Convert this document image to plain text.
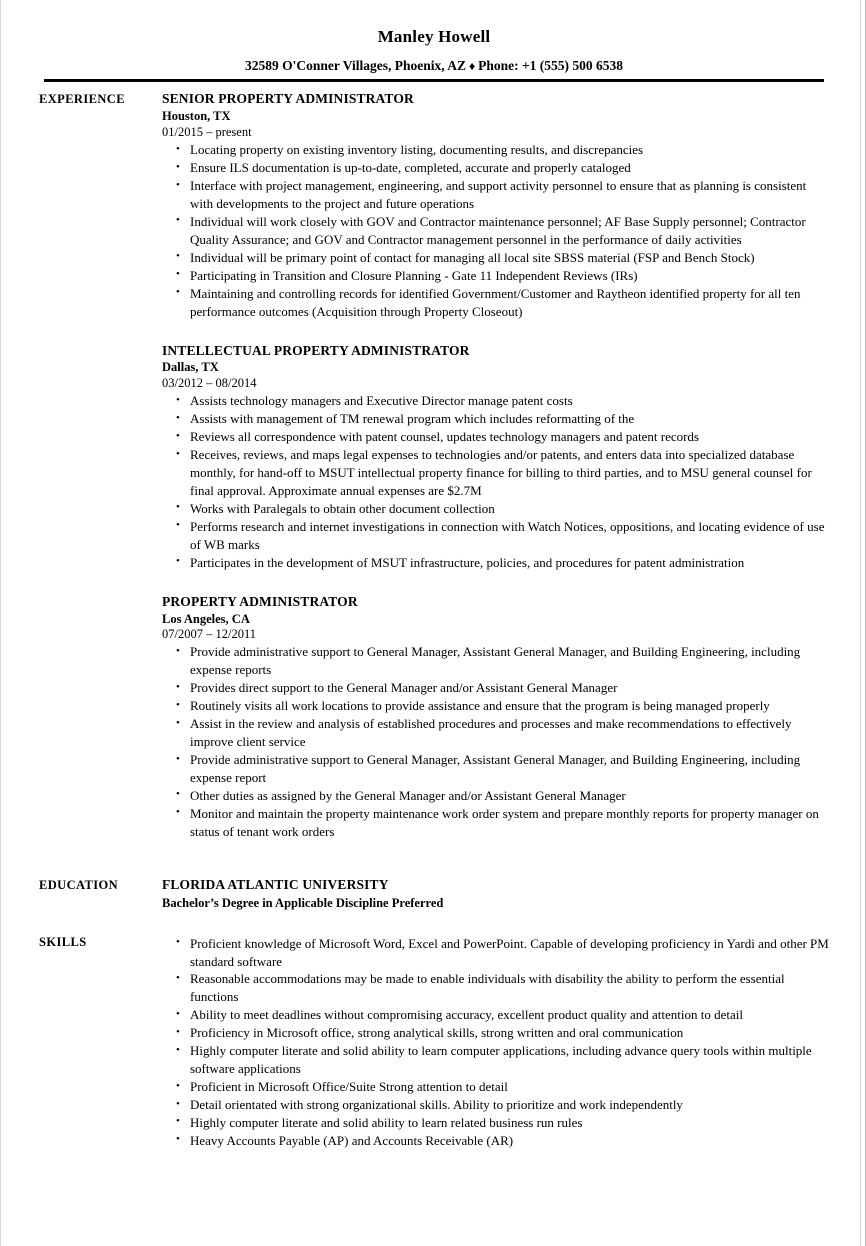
Manley Howell
32589 O'Conner Villages, Phoenix, AZ ♦ Phone: +1 (555) 500 6538
EXPERIENCE	SENIOR PROPERTY ADMINISTRATOR
Houston, TX
01/2015 – present
• Locating property on existing inventory listing, documenting results, and discrepancies
• Ensure ILS documentation is up-to-date, completed, accurate and properly cataloged
• Interface with project management, engineering, and support activity personnel to ensure that as planning is consistent with developments to the project and future operations
• Individual will work closely with GOV and Contractor maintenance personnel; AF Base Supply personnel; Contractor Quality Assurance; and GOV and Contractor management personnel in the performance of daily activities
• Individual will be primary point of contact for managing all local site SBSS material (FSP and Bench Stock)
• Participating in Transition and Closure Planning - Gate 11 Independent Reviews (IRs)
• Maintaining and controlling records for identified Government/Customer and Raytheon identified property for all ten performance outcomes (Acquisition through Property Closeout)
INTELLECTUAL PROPERTY ADMINISTRATOR
Dallas, TX
03/2012 – 08/2014
• Assists technology managers and Executive Director manage patent costs
• Assists with management of TM renewal program which includes reformatting of the
• Reviews all correspondence with patent counsel, updates technology managers and patent records
• Receives, reviews, and maps legal expenses to technologies and/or patents, and enters data into specialized database monthly, for hand-off to MSUT intellectual property finance for billing to third parties, and to MSU general counsel for final approval. Approximate annual expenses are $2.7M
• Works with Paralegals to obtain other document collection
• Performs research and internet investigations in connection with Watch Notices, oppositions, and locating evidence of use of WB marks
• Participates in the development of MSUT infrastructure, policies, and procedures for patent administration
PROPERTY ADMINISTRATOR
Los Angeles, CA
07/2007 – 12/2011
• Provide administrative support to General Manager, Assistant General Manager, and Building Engineering, including expense reports
• Provides direct support to the General Manager and/or Assistant General Manager
• Routinely visits all work locations to provide assistance and ensure that the program is being managed properly
• Assist in the review and analysis of established procedures and processes and make recommendations to effectively improve client service
• Provide administrative support to General Manager, Assistant General Manager, and Building Engineering, including expense report
• Other duties as assigned by the General Manager and/or Assistant General Manager
• Monitor and maintain the property maintenance work order system and prepare monthly reports for property manager on status of tenant work orders
EDUCATION	FLORIDA ATLANTIC UNIVERSITY
Bachelor’s Degree in Applicable Discipline Preferred
SKILLS	• Proficient knowledge of Microsoft Word, Excel and PowerPoint. Capable of developing proficiency in Yardi and other PM standard software
• Reasonable accommodations may be made to enable individuals with disability the ability to perform the essential functions
• Ability to meet deadlines without compromising accuracy, excellent product quality and attention to detail
• Proficiency in Microsoft office, strong analytical skills, strong written and oral communication
• Highly computer literate and solid ability to learn computer applications, including advance query tools within multiple software applications
• Proficient in Microsoft Office/Suite Strong attention to detail
• Detail orientated with strong organizational skills. Ability to prioritize and work independently
• Highly computer literate and solid ability to learn related business run rules
• Heavy Accounts Payable (AP) and Accounts Receivable (AR)
